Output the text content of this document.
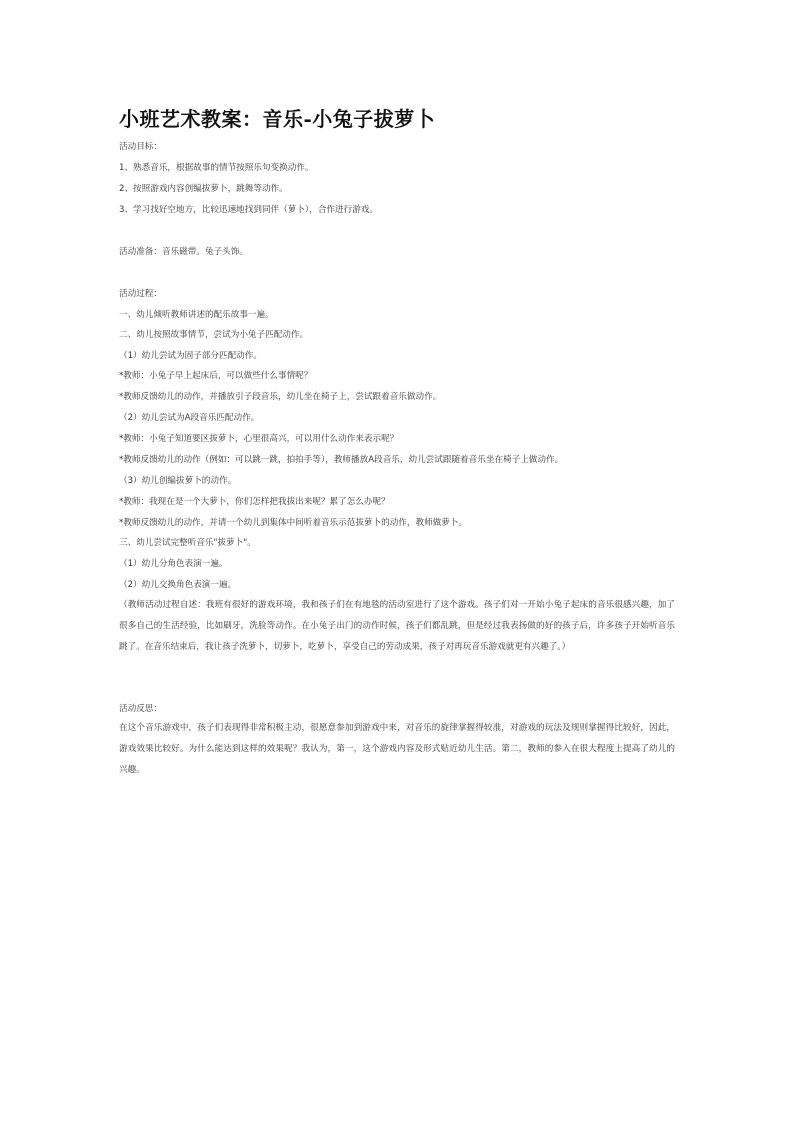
小班艺术教案：音乐-小兔子拔萝卜
活动目标：
1、熟悉音乐，根据故事的情节按照乐句变换动作。
2、按照游戏内容创编拔萝卜，跳舞等动作。
3、学习找好空地方，比较迅速地找到同伴（萝卜），合作进行游戏。
活动准备：音乐磁带。兔子头饰。
活动过程：
一、幼儿倾听教师讲述的配乐故事一遍。
二、幼儿按照故事情节，尝试为小兔子匹配动作。
（1）幼儿尝试为固子部分匹配动作。
*教师：小兔子早上起床后，可以做些什么事情呢？
*教师反馈幼儿的动作，并播放引子段音乐，幼儿坐在椅子上，尝试跟着音乐做动作。
（2）幼儿尝试为A段音乐匹配动作。
*教师：小兔子知道要区拔萝卜，心里很高兴，可以用什么动作来表示呢？
*教师反馈幼儿的动作（例如：可以跳一跳，拍拍手等），教师播放A段音乐，幼儿尝试跟随着音乐坐在椅子上做动作。
（3）幼儿创编拔萝卜的动作。
*教师：我现在是一个大萝卜，你们怎样把我拔出来呢？累了怎么办呢？
*教师反馈幼儿的动作，并请一个幼儿到集体中间听着音乐示范拔萝卜的动作，教师做萝卜。
三、幼儿尝试完整听音乐"拔萝卜"。
（1）幼儿分角色表演一遍。
（2）幼儿交换角色表演一遍。
（教师活动过程自述：我班有很好的游戏环境，我和孩子们在有地毯的活动室进行了这个游戏。孩子们对一开始小兔子起床的音乐很感兴趣，加了很多自己的生活经验，比如刷牙，洗脸等动作。在小兔子出门的动作时候，孩子们都乱跳，但是经过我表扬做的好的孩子后，许多孩子开始听音乐跳了。在音乐结束后，我让孩子洗萝卜，切萝卜，吃萝卜，享受自己的劳动成果，孩子对再玩音乐游戏就更有兴趣了。）
活动反思：
在这个音乐游戏中，孩子们表现得非常积极主动，很愿意参加到游戏中来，对音乐的旋律掌握得较准，对游戏的玩法及规则掌握得比较好，因此，游戏效果比较好。为什么能达到这样的效果呢？我认为，第一，这个游戏内容及形式贴近幼儿生活。第二，教师的参入在很大程度上提高了幼儿的兴趣。
